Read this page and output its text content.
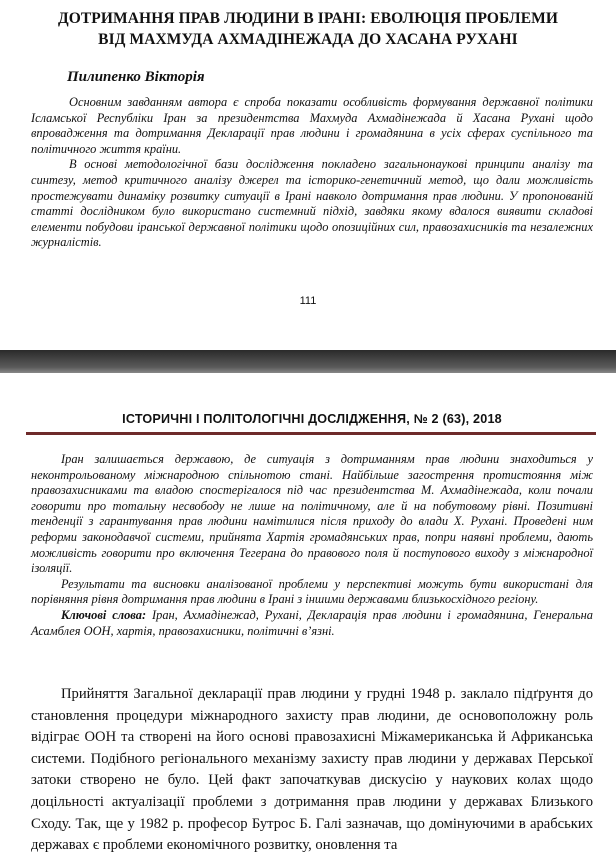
ДОТРИМАННЯ ПРАВ ЛЮДИНИ В ІРАНІ: ЕВОЛЮЦІЯ ПРОБЛЕМИ
ВІД МАХМУДА АХМАДІНЕЖАДА ДО ХАСАНА РУХАНІ
Пилипенко Вікторія

Основним завданням автора є спроба показати особливість формування державної політики Ісламської Республіки Іран за президентства Махмуда Ахмадінежада й Хасана Рухані щодо впровадження та дотримання Декларації прав людини і громадянина в усіх сферах суспільного та політичного життя країни.

В основі методологічної бази дослідження покладено загальнонаукові принципи аналізу та синтезу, метод критичного аналізу джерел та історико-генетичний метод, що дали можливість простежувати динаміку розвитку ситуації в Ірані навколо дотримання прав людини. У пропонованій статті дослідником було використано системний підхід, завдяки якому вдалося виявити складові елементи побудови іранської державної політики щодо опозиційних сил, правозахисників та незалежних журналістів.

111
ІСТОРИЧНІ І ПОЛІТОЛОГІЧНІ ДОСЛІДЖЕННЯ, № 2 (63), 2018

Іран залишається державою, де ситуація з дотриманням прав людини знаходиться у неконтрольованому міжнародною спільнотою стані. Найбільше загострення протистояння між правозахисниками та владою спостерігалося під час президентства М. Ахмадінежада, коли почали говорити про тотальну несвободу не лише на політичному, але й на побутовому рівні. Позитивні тенденції з гарантування прав людини намітилися після приходу до влади Х. Рухані. Проведені ним реформи законодавчої системи, прийнята Хартія громадянських прав, попри наявні проблеми, дають можливість говорити про включення Тегерана до правового поля й поступового виходу з міжнародної ізоляції.

Результати та висновки аналізованої проблеми у перспективі можуть бути використані для порівняння рівня дотримання прав людини в Ірані з іншими державами близькосхідного регіону.

Ключові слова: Іран, Ахмадінежад, Рухані, Декларація прав людини і громадянина, Генеральна Асамблея ООН, хартія, правозахисники, політичні в’язні.

Прийняття Загальної декларації прав людини у грудні 1948 р. заклало підґрунтя до становлення процедури міжнародного захисту прав людини, де основоположну роль відіграє ООН та створені на його основі правозахисні Міжамериканська й Африканська системи. Подібного регіонального механізму захисту прав людини у державах Перської затоки створено не було. Цей факт започаткував дискусію у наукових колах щодо доцільності актуалізації проблеми з дотримання прав людини у державах Близького Сходу. Так, ще у 1982 р. професор Бутрос Б. Галі зазначав, що домінуючими в арабських державах є проблеми економічного розвитку, оновлення та
